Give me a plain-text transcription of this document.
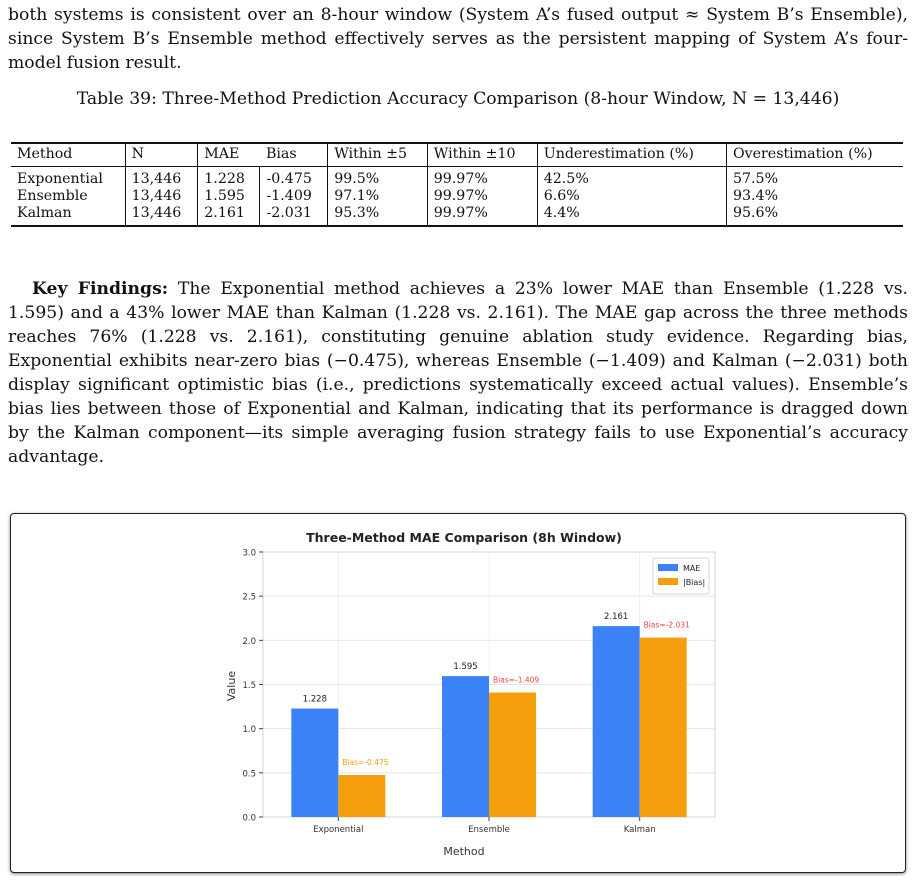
both systems is consistent over an 8-hour window (System A’s fused output ≈ System B’s Ensemble), since System B’s Ensemble method effectively serves as the persistent mapping of System A’s four-model fusion result.

Table 39: Three-Method Prediction Accuracy Comparison (8-hour Window, N = 13,446)
Method	N	MAE	Bias	Within ±5	Within ±10	Underestimation (%)	Overestimation (%)
Exponential	13,446	1.228	-0.475	99.5%	99.97%	42.5%	57.5%
Ensemble	13,446	1.595	-1.409	97.1%	99.97%	6.6%	93.4%
Kalman	13,446	2.161	-2.031	95.3%	99.97%	4.4%	95.6%

Key Findings: The Exponential method achieves a 23% lower MAE than Ensemble (1.228 vs. 1.595) and a 43% lower MAE than Kalman (1.228 vs. 2.161). The MAE gap across the three methods reaches 76% (1.228 vs. 2.161), constituting genuine ablation study evidence. Regarding bias, Exponential exhibits near-zero bias (−0.475), whereas Ensemble (−1.409) and Kalman (−2.031) both display significant optimistic bias (i.e., predictions systematically exceed actual values). Ensemble’s bias lies between those of Exponential and Kalman, indicating that its performance is dragged down by the Kalman component—its simple averaging fusion strategy fails to use Exponential’s accuracy advantage.

1.228
Bias=-0.475
1.595
Bias=-1.409
2.161
Bias=-2.031
0.0
0.5
1.0
1.5
2.0
2.5
3.0
Exponential	Ensemble	Kalman
MAE
|Bias|
Three-Method MAE Comparison (8h Window)
Method
Value
